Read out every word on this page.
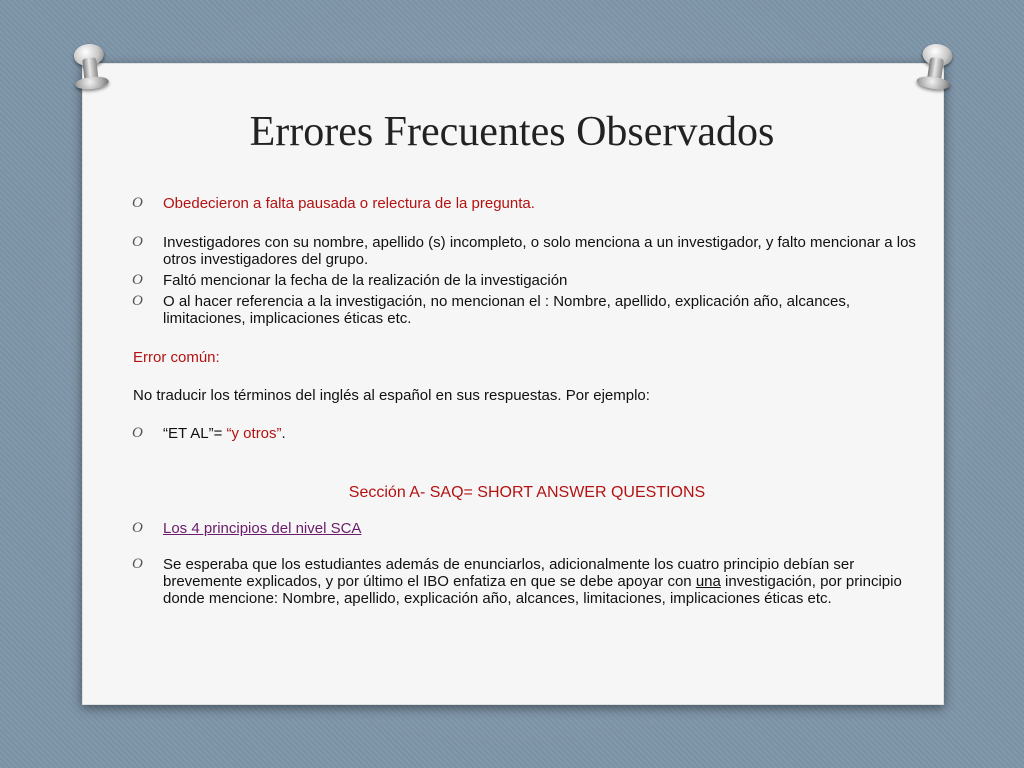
Errores Frecuentes Observados
O Obedecieron a falta pausada o relectura de la pregunta.
O Investigadores con su nombre, apellido (s) incompleto, o solo menciona a un investigador, y falto mencionar a los otros investigadores del grupo.
O Faltó mencionar la fecha de la realización de la investigación
O O al hacer referencia a la investigación, no mencionan el : Nombre, apellido, explicación año, alcances, limitaciones, implicaciones éticas etc.
Error común:
No traducir los términos del inglés al español en sus respuestas. Por ejemplo:
O “ET AL”= “y otros”.
Sección A- SAQ= SHORT ANSWER QUESTIONS
O Los 4 principios del nivel SCA
O Se esperaba que los estudiantes además de enunciarlos, adicionalmente los cuatro principio debían ser brevemente explicados, y por último el IBO enfatiza en que se debe apoyar con una investigación, por principio donde mencione: Nombre, apellido, explicación año, alcances, limitaciones, implicaciones éticas etc.
